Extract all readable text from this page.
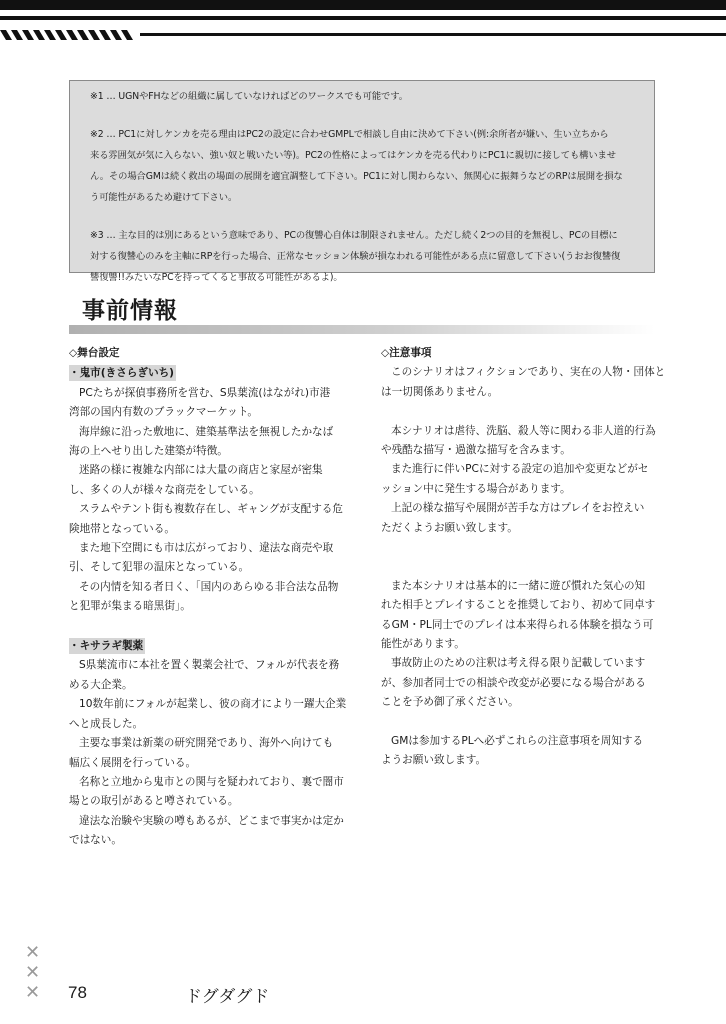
※1 … UGNやFHなどの組織に属していなければどのワークスでも可能です。

※2 … PC1に対しケンカを売る理由はPC2の設定に合わせGMPLで相談し自由に決めて下さい(例:余所者が嫌い、生い立ちから

来る雰囲気が気に入らない、強い奴と戦いたい等)。PC2の性格によってはケンカを売る代わりにPC1に親切に接しても構いませ

ん。その場合GMは続く救出の場面の展開を適宜調整して下さい。PC1に対し関わらない、無関心に振舞うなどのRPは展開を損な

う可能性があるため避けて下さい。

※3 … 主な目的は別にあるという意味であり、PCの復讐心自体は制限されません。ただし続く2つの目的を無視し、PCの目標に

対する復讐心のみを主軸にRPを行った場合、正常なセッション体験が損なわれる可能性がある点に留意して下さい(うおお復讐復

讐復讐!!みたいなPCを持ってくると事故る可能性があるよ)。

事前情報

◇舞台設定

・鬼市(きさらぎいち)

PCたちが探偵事務所を営む、S県葉流(はながれ)市港

湾部の国内有数のブラックマーケット。

海岸線に沿った敷地に、建築基準法を無視したかなば

海の上へせり出した建築が特徴。

迷路の様に複雑な内部には大量の商店と家屋が密集

し、多くの人が様々な商売をしている。

スラムやテント街も複数存在し、ギャングが支配する危

険地帯となっている。

また地下空間にも市は広がっており、違法な商売や取

引、そして犯罪の温床となっている。

その内情を知る者日く、「国内のあらゆる非合法な品物

と犯罪が集まる暗黒街」。

・キサラギ製薬

S県葉流市に本社を置く製薬会社で、フォルが代表を務

める大企業。

10数年前にフォルが起業し、彼の商才により一躍大企業

へと成長した。

主要な事業は新薬の研究開発であり、海外へ向けても

幅広く展開を行っている。

名称と立地から鬼市との関与を疑われており、裏で闇市

場との取引があると噂されている。

違法な治験や実験の噂もあるが、どこまで事実かは定か

ではない。

◇注意事項

このシナリオはフィクションであり、実在の人物・団体と

は一切関係ありません。

本シナリオは虐待、洗脳、殺人等に関わる非人道的行為

や残酷な描写・過激な描写を含みます。

また進行に伴いPCに対する設定の追加や変更などがセ

ッション中に発生する場合があります。

上記の様な描写や展開が苦手な方はプレイをお控えい

ただくようお願い致します。

また本シナリオは基本的に一緒に遊び慣れた気心の知

れた相手とプレイすることを推奨しており、初めて同卓す

るGM・PL同士でのプレイは本来得られる体験を損なう可

能性があります。

事故防止のための注釈は考え得る限り記載しています

が、参加者同士での相談や改変が必要になる場合がある

ことを予め御了承ください。

GMは参加するPLへ必ずこれらの注意事項を周知する

ようお願い致します。

✕
✕
✕ 78	ドグダグド
